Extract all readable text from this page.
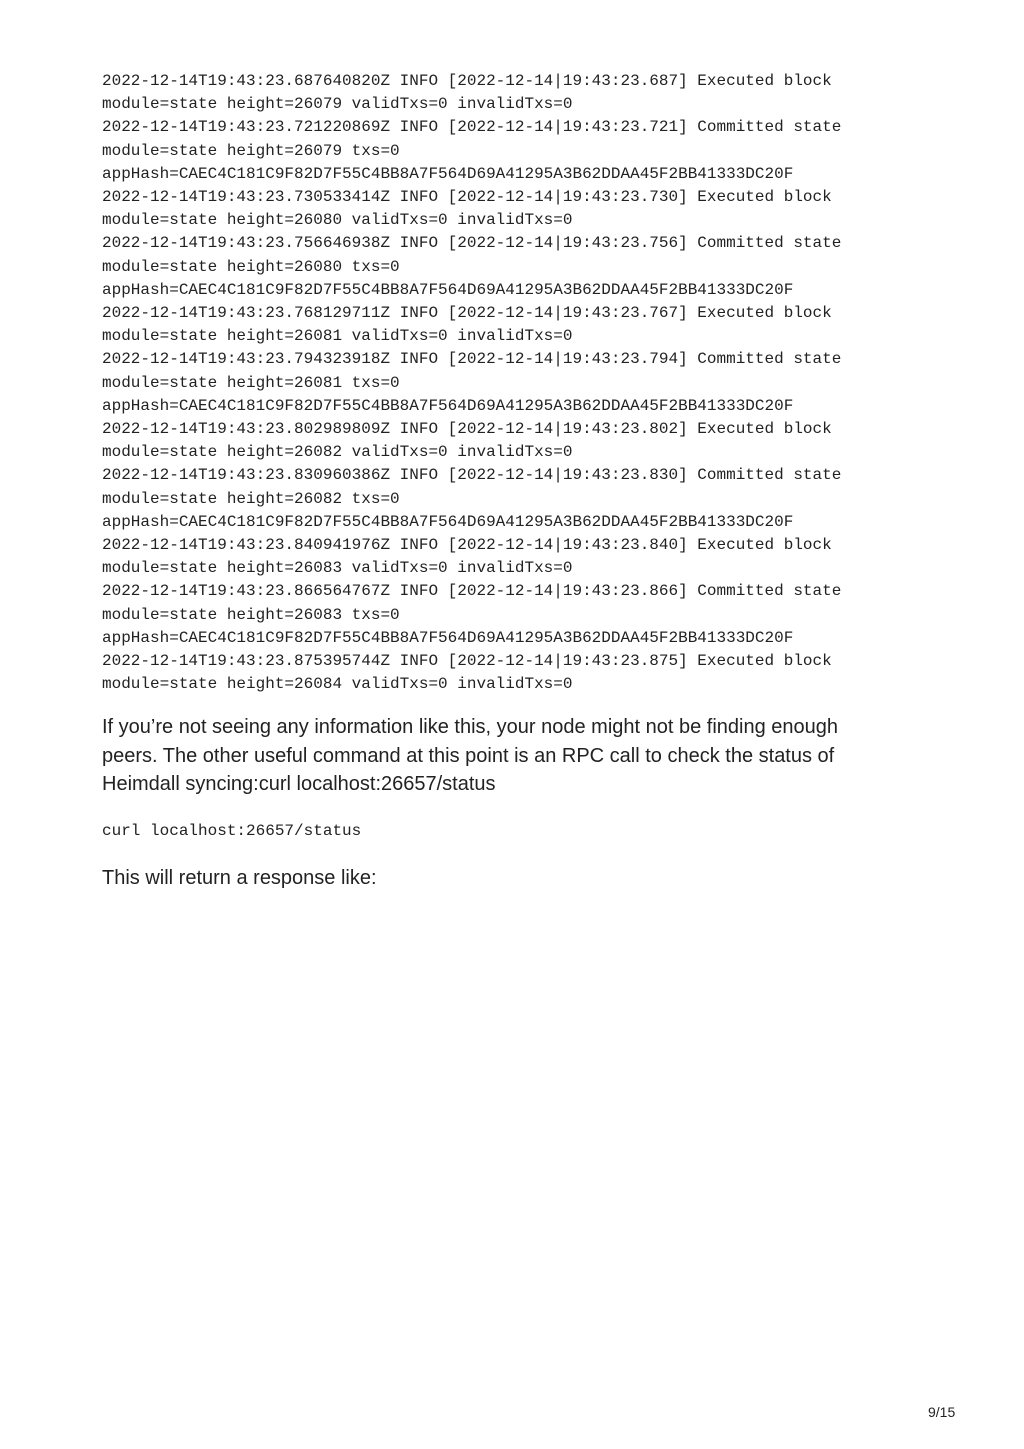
2022-12-14T19:43:23.687640820Z INFO [2022-12-14|19:43:23.687] Executed block
module=state height=26079 validTxs=0 invalidTxs=0
2022-12-14T19:43:23.721220869Z INFO [2022-12-14|19:43:23.721] Committed state
module=state height=26079 txs=0
appHash=CAEC4C181C9F82D7F55C4BB8A7F564D69A41295A3B62DDAA45F2BB41333DC20F
2022-12-14T19:43:23.730533414Z INFO [2022-12-14|19:43:23.730] Executed block
module=state height=26080 validTxs=0 invalidTxs=0
2022-12-14T19:43:23.756646938Z INFO [2022-12-14|19:43:23.756] Committed state
module=state height=26080 txs=0
appHash=CAEC4C181C9F82D7F55C4BB8A7F564D69A41295A3B62DDAA45F2BB41333DC20F
2022-12-14T19:43:23.768129711Z INFO [2022-12-14|19:43:23.767] Executed block
module=state height=26081 validTxs=0 invalidTxs=0
2022-12-14T19:43:23.794323918Z INFO [2022-12-14|19:43:23.794] Committed state
module=state height=26081 txs=0
appHash=CAEC4C181C9F82D7F55C4BB8A7F564D69A41295A3B62DDAA45F2BB41333DC20F
2022-12-14T19:43:23.802989809Z INFO [2022-12-14|19:43:23.802] Executed block
module=state height=26082 validTxs=0 invalidTxs=0
2022-12-14T19:43:23.830960386Z INFO [2022-12-14|19:43:23.830] Committed state
module=state height=26082 txs=0
appHash=CAEC4C181C9F82D7F55C4BB8A7F564D69A41295A3B62DDAA45F2BB41333DC20F
2022-12-14T19:43:23.840941976Z INFO [2022-12-14|19:43:23.840] Executed block
module=state height=26083 validTxs=0 invalidTxs=0
2022-12-14T19:43:23.866564767Z INFO [2022-12-14|19:43:23.866] Committed state
module=state height=26083 txs=0
appHash=CAEC4C181C9F82D7F55C4BB8A7F564D69A41295A3B62DDAA45F2BB41333DC20F
2022-12-14T19:43:23.875395744Z INFO [2022-12-14|19:43:23.875] Executed block
module=state height=26084 validTxs=0 invalidTxs=0

If you’re not seeing any information like this, your node might not be finding enough peers. The other useful command at this point is an RPC call to check the status of Heimdall syncing:curl localhost:26657/status

curl localhost:26657/status

This will return a response like:

9/15
